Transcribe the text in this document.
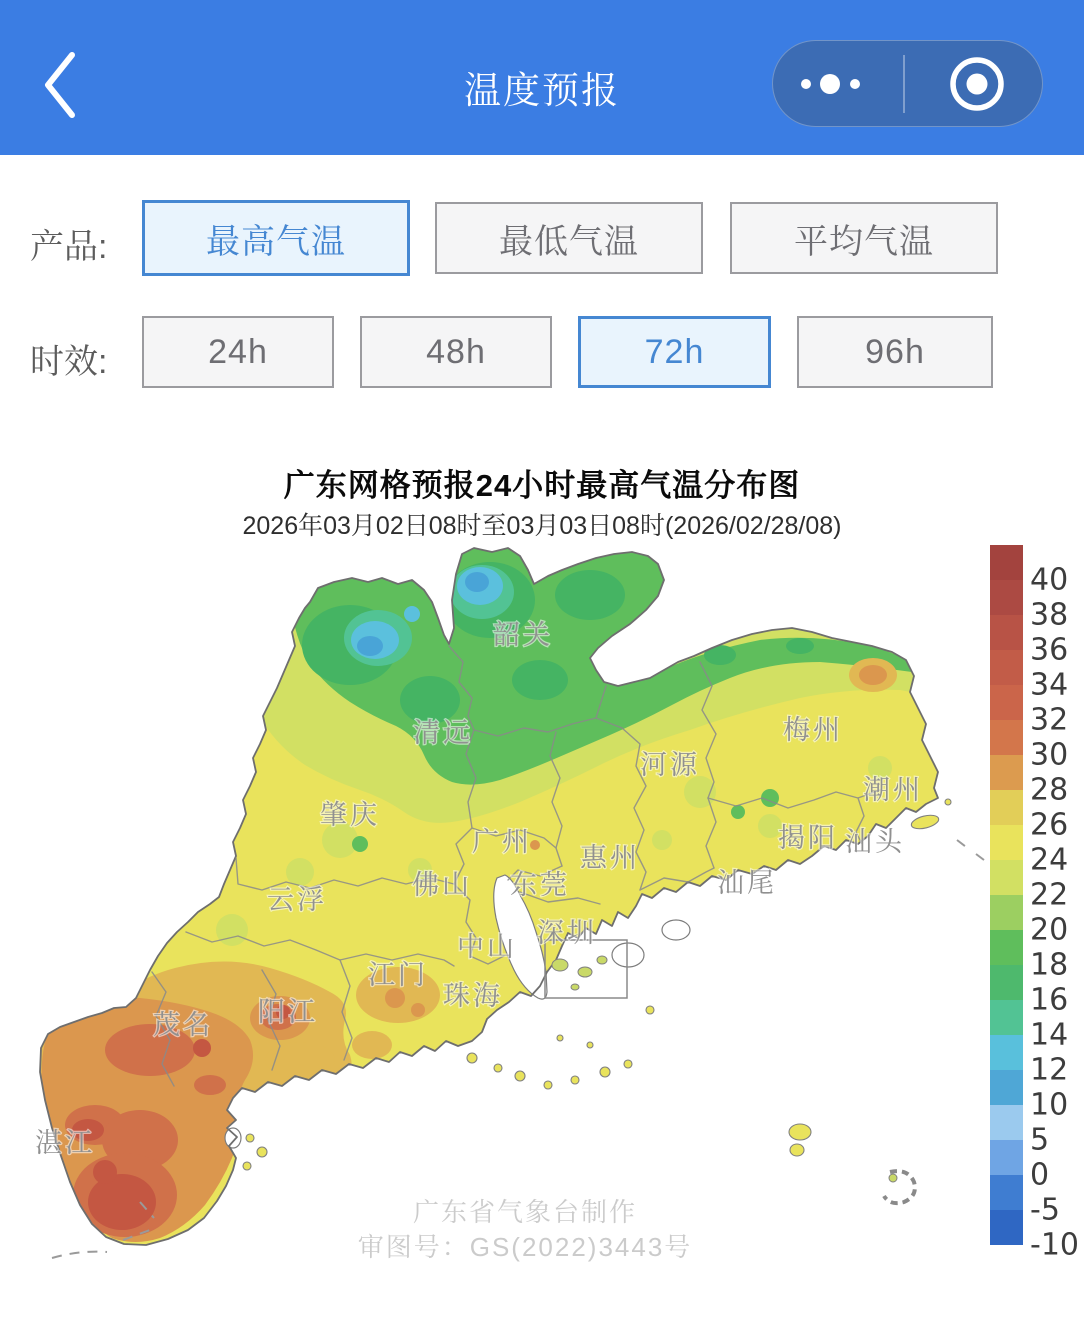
温度预报
产品:	最高气温	最低气温	平均气温
时效:	24h	48h	72h	96h
广东网格预报24小时最高气温分布图
2026年03月02日08时至03月03日08时(2026/02/28/08)
韶关
清远
河源
梅州
潮州
汕头
揭阳
汕尾
惠州
东莞
深圳
广州
佛山
中山
珠海
江门
阳江
茂名
湛江
云浮
肇庆
40
38
36
34
32
30
28
26
24
22
20
18
16
14
12
10
5
0
-5
-10
广东省气象台制作
审图号：GS(2022)3443号
